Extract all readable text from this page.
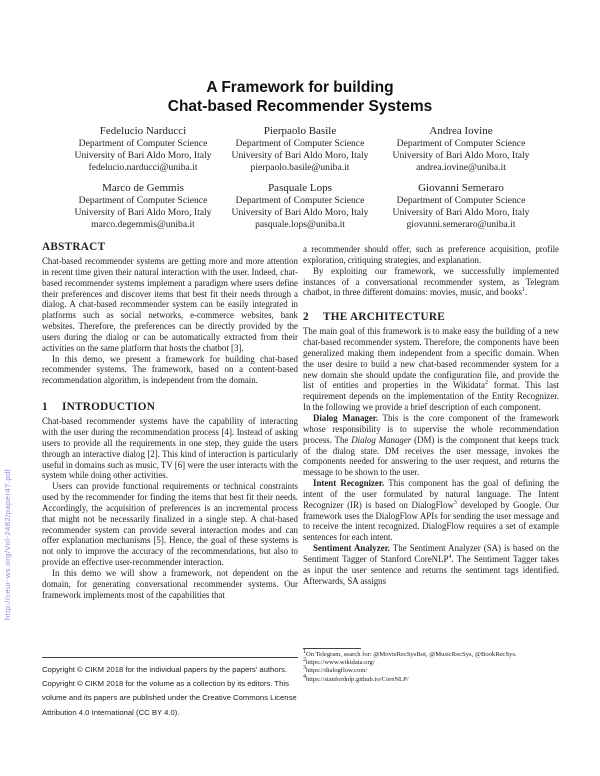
http://ceur-ws.org/Vol-2482/paper47.pdf
A Framework for building
Chat-based Recommender Systems
Fedelucio Narducci
Department of Computer Science
University of Bari Aldo Moro, Italy
fedelucio.narducci@uniba.it
Pierpaolo Basile
Department of Computer Science
University of Bari Aldo Moro, Italy
pierpaolo.basile@uniba.it
Andrea Iovine
Department of Computer Science
University of Bari Aldo Moro, Italy
andrea.iovine@uniba.it
Marco de Gemmis
Department of Computer Science
University of Bari Aldo Moro, Italy
marco.degemmis@uniba.it
Pasquale Lops
Department of Computer Science
University of Bari Aldo Moro, Italy
pasquale.lops@uniba.it
Giovanni Semeraro
Department of Computer Science
University of Bari Aldo Moro, Italy
giovanni.semeraro@uniba.it
ABSTRACT

Chat-based recommender systems are getting more and more attention in recent time given their natural interaction with the user. Indeed, chat-based recommender systems implement a paradigm where users define their preferences and discover items that best fit their needs through a dialog. A chat-based recommender system can be easily integrated in platforms such as social networks, e-commerce websites, bank websites. Therefore, the preferences can be directly provided by the users during the dialog or can be automatically extracted from their activities on the same platform that hosts the chatbot [3].

In this demo, we present a framework for building chat-based recommender systems. The framework, based on a content-based recommendation algorithm, is independent from the domain.

1 INTRODUCTION

Chat-based recommender systems have the capability of interacting with the user during the recommendation process [4]. Instead of asking users to provide all the requirements in one step, they guide the users through an interactive dialog [2]. This kind of interaction is particularly useful in domains such as music, TV [6] were the user interacts with the system while doing other activities.

Users can provide functional requirements or technical constraints used by the recommender for finding the items that best fit their needs. Accordingly, the acquisition of preferences is an incremental process that might not be necessarily finalized in a single step. A chat-based recommender system can provide several interaction modes and can offer explanation mechanisms [5]. Hence, the goal of these systems is not only to improve the accuracy of the recommendations, but also to provide an effective user-recommender interaction.

In this demo we will show a framework, not dependent on the domain, for generating conversational recommender systems. Our framework implements most of the capabilities that

Copyright © CIKM 2018 for the individual papers by the papers' authors. Copyright © CIKM 2018 for the volume as a collection by its editors. This volume and its papers are published under the Creative Commons License Attribution 4.0 International (CC BY 4.0).

a recommender should offer, such as preference acquisition, profile exploration, critiquing strategies, and explanation.

By exploiting our framework, we successfully implemented instances of a conversational recommender system, as Telegram chatbot, in three different domains: movies, music, and books$^1$.

2 THE ARCHITECTURE

The main goal of this framework is to make easy the building of a new chat-based recommender system. Therefore, the components have been generalized making them independent from a specific domain. When the user desire to build a new chat-based recommender system for a new domain she should update the configuration file, and provide the list of entities and properties in the Wikidata$^2$ format. This last requirement depends on the implementation of the Entity Recognizer. In the following we provide a brief description of each component.

Dialog Manager. This is the core component of the framework whose responsibility is to supervise the whole recommendation process. The Dialog Manager (DM) is the component that keeps track of the dialog state. DM receives the user message, invokes the components needed for answering to the user request, and returns the message to be shown to the user.

Intent Recognizer. This component has the goal of defining the intent of the user formulated by natural language. The Intent Recognizer (IR) is based on DialogFlow$^3$ developed by Google. Our framework uses the DialogFlow APIs for sending the user message and to receive the intent recognized. DialogFlow requires a set of example sentences for each intent.

Sentiment Analyzer. The Sentiment Analyzer (SA) is based on the Sentiment Tagger of Stanford CoreNLP$^4$. The Sentiment Tagger takes as input the user sentence and returns the sentiment tags identified. Afterwards, SA assigns

$^1$On Telegram, search for: @MovieRecSysBot, @MusicRecSys, @BookRecSys.
$^2$https://www.wikidata.org/
$^3$https://dialogflow.com/
$^4$https://stanfordnlp.github.io/CoreNLP/
